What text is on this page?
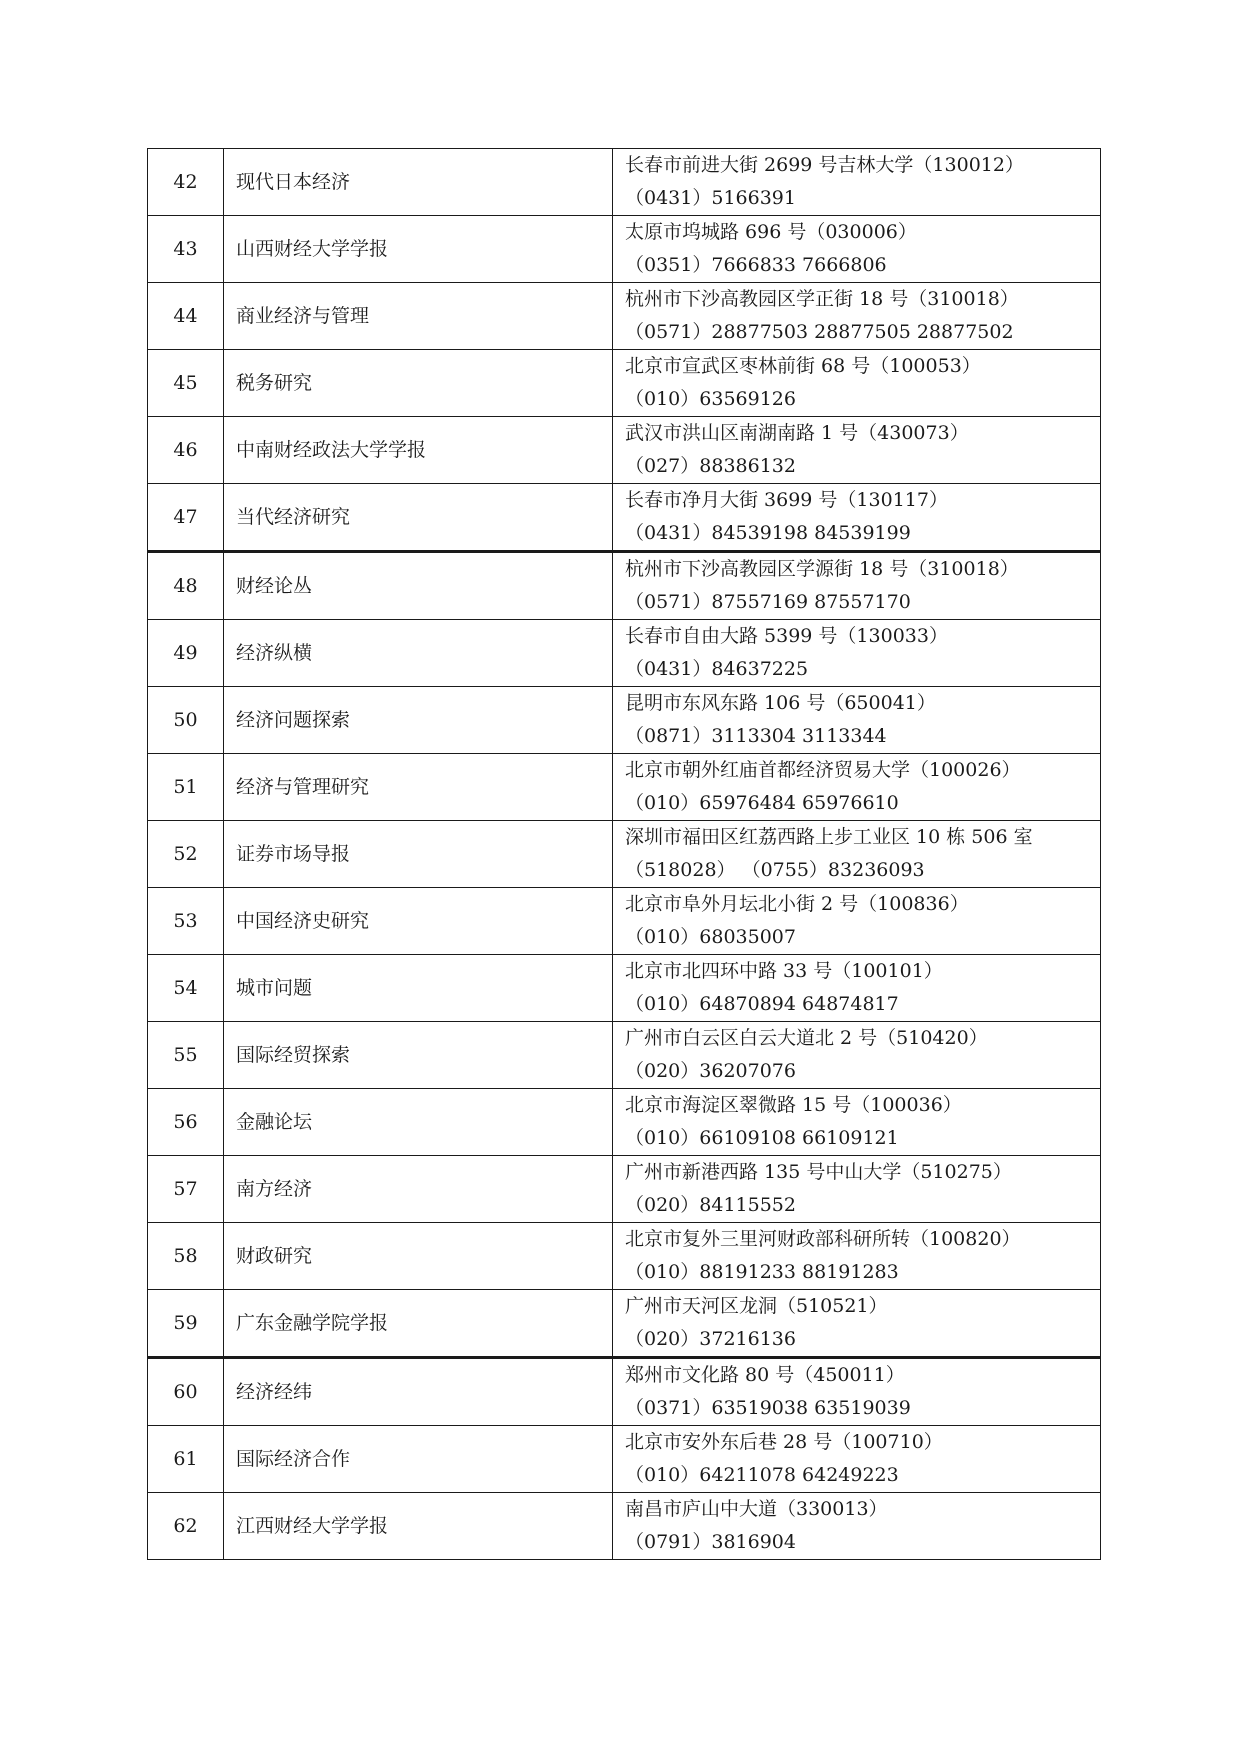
42	现代日本经济	长春市前进大街 2699 号吉林大学（130012）
（0431）5166391

43	山西财经大学学报	太原市坞城路 696 号（030006）
（0351）7666833 7666806

44	商业经济与管理	杭州市下沙高教园区学正街 18 号（310018）
（0571）28877503 28877505 28877502

45	税务研究	北京市宣武区枣林前街 68 号（100053）
（010）63569126

46	中南财经政法大学学报	武汉市洪山区南湖南路 1 号（430073）
（027）88386132

47	当代经济研究	长春市净月大街 3699 号（130117）
（0431）84539198 84539199

48	财经论丛	杭州市下沙高教园区学源街 18 号（310018）
（0571）87557169 87557170

49	经济纵横	长春市自由大路 5399 号（130033）
（0431）84637225

50	经济问题探索	昆明市东风东路 106 号（650041）
（0871）3113304 3113344

51	经济与管理研究	北京市朝外红庙首都经济贸易大学（100026）
（010）65976484 65976610

52	证券市场导报	深圳市福田区红荔西路上步工业区 10 栋 506 室
（518028） （0755）83236093

53	中国经济史研究	北京市阜外月坛北小街 2 号（100836）
（010）68035007

54	城市问题	北京市北四环中路 33 号（100101）
（010）64870894 64874817

55	国际经贸探索	广州市白云区白云大道北 2 号（510420）
（020）36207076

56	金融论坛	北京市海淀区翠微路 15 号（100036）
（010）66109108 66109121

57	南方经济	广州市新港西路 135 号中山大学（510275）
（020）84115552

58	财政研究	北京市复外三里河财政部科研所转（100820）
（010）88191233 88191283

59	广东金融学院学报	广州市天河区龙洞（510521）
（020）37216136

60	经济经纬	郑州市文化路 80 号（450011）
（0371）63519038 63519039

61	国际经济合作	北京市安外东后巷 28 号（100710）
（010）64211078 64249223

62	江西财经大学学报	南昌市庐山中大道（330013）
（0791）3816904
